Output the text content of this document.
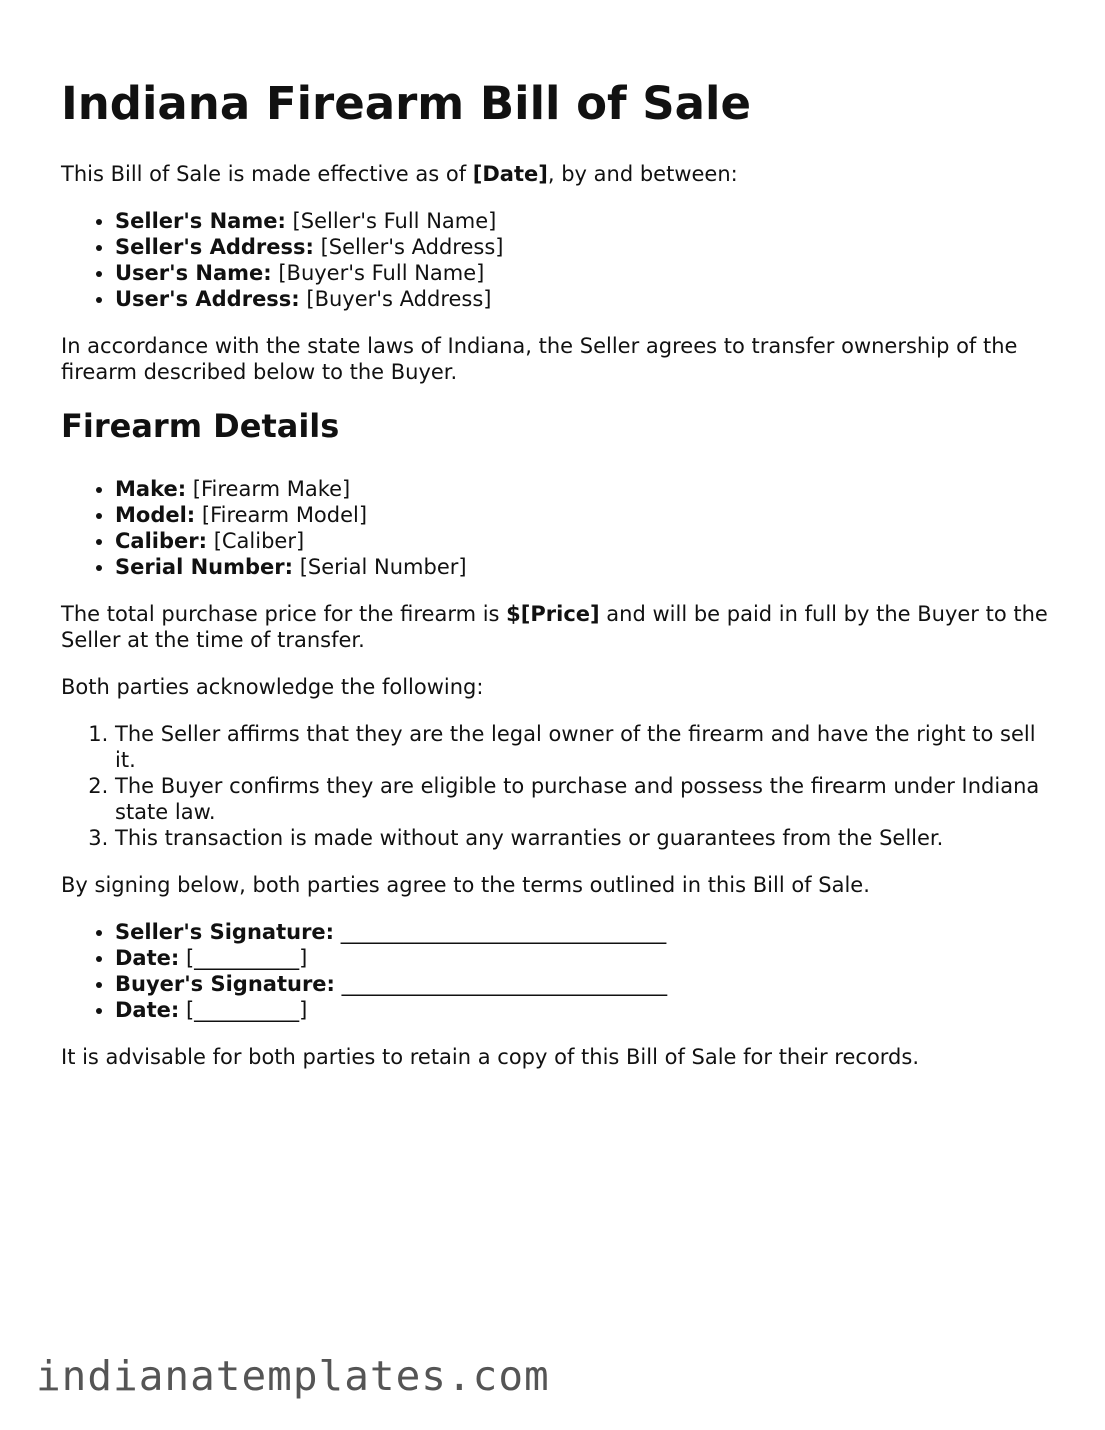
Indiana Firearm Bill of Sale

This Bill of Sale is made effective as of [Date], by and between:

• Seller's Name: [Seller's Full Name]
• Seller's Address: [Seller's Address]
• User's Name: [Buyer's Full Name]
• User's Address: [Buyer's Address]

In accordance with the state laws of Indiana, the Seller agrees to transfer ownership of the firearm described below to the Buyer.

Firearm Details
• Make: [Firearm Make]
• Model: [Firearm Model]
• Caliber: [Caliber]
• Serial Number: [Serial Number]

The total purchase price for the firearm is $[Price] and will be paid in full by the Buyer to the Seller at the time of transfer.

Both parties acknowledge the following:

1. The Seller affirms that they are the legal owner of the firearm and have the right to sell it.
2. The Buyer confirms they are eligible to purchase and possess the firearm under Indiana state law.
3. This transaction is made without any warranties or guarantees from the Seller.

By signing below, both parties agree to the terms outlined in this Bill of Sale.

• Seller's Signature: _______________________________
• Date: [__________]
• Buyer's Signature: _______________________________
• Date: [__________]

It is advisable for both parties to retain a copy of this Bill of Sale for their records.

indianatemplates.com
